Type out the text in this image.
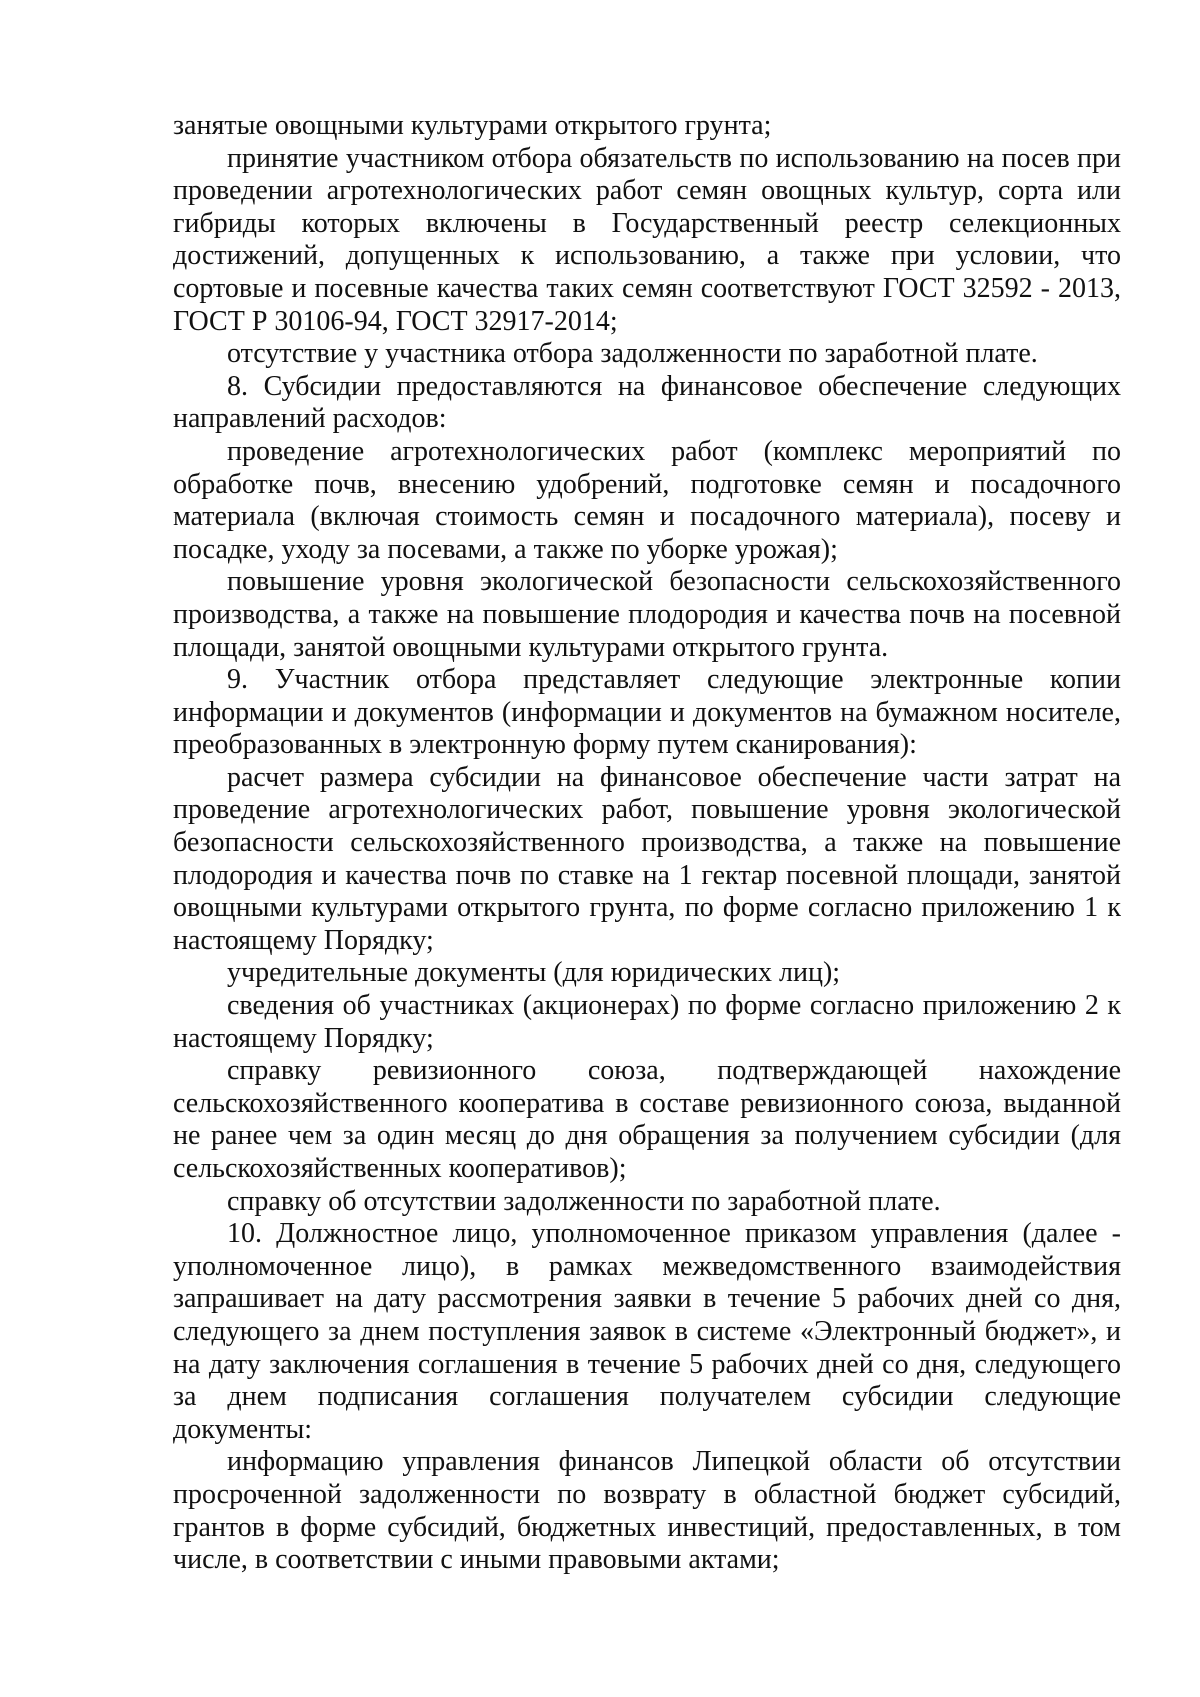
занятые овощными культурами открытого грунта;

принятие участником отбора обязательств по использованию на посев при проведении агротехнологических работ семян овощных культур, сорта или гибриды которых включены в Государственный реестр селекционных достижений, допущенных к использованию, а также при условии, что сортовые и посевные качества таких семян соответствуют ГОСТ 32592 - 2013, ГОСТ Р 30106-94, ГОСТ 32917-2014;

отсутствие у участника отбора задолженности по заработной плате.

8. Субсидии предоставляются на финансовое обеспечение следующих направлений расходов:

проведение агротехнологических работ (комплекс мероприятий по обработке почв, внесению удобрений, подготовке семян и посадочного материала (включая стоимость семян и посадочного материала), посеву и посадке, уходу за посевами, а также по уборке урожая);

повышение уровня экологической безопасности сельскохозяйственного производства, а также на повышение плодородия и качества почв на посевной площади, занятой овощными культурами открытого грунта.

9. Участник отбора представляет следующие электронные копии информации и документов (информации и документов на бумажном носителе, преобразованных в электронную форму путем сканирования):

расчет размера субсидии на финансовое обеспечение части затрат на проведение агротехнологических работ, повышение уровня экологической безопасности сельскохозяйственного производства, а также на повышение плодородия и качества почв по ставке на 1 гектар посевной площади, занятой овощными культурами открытого грунта, по форме согласно приложению 1 к настоящему Порядку;

учредительные документы (для юридических лиц);

сведения об участниках (акционерах) по форме согласно приложению 2 к настоящему Порядку;

справку ревизионного союза, подтверждающей нахождение сельскохозяйственного кооператива в составе ревизионного союза, выданной не ранее чем за один месяц до дня обращения за получением субсидии (для сельскохозяйственных кооперативов);

справку об отсутствии задолженности по заработной плате.

10. Должностное лицо, уполномоченное приказом управления (далее - уполномоченное лицо), в рамках межведомственного взаимодействия запрашивает на дату рассмотрения заявки в течение 5 рабочих дней со дня, следующего за днем поступления заявок в системе «Электронный бюджет», и на дату заключения соглашения в течение 5 рабочих дней со дня, следующего за днем подписания соглашения получателем субсидии следующие документы:

информацию управления финансов Липецкой области об отсутствии просроченной задолженности по возврату в областной бюджет субсидий, грантов в форме субсидий, бюджетных инвестиций, предоставленных, в том числе, в соответствии с иными правовыми актами;
